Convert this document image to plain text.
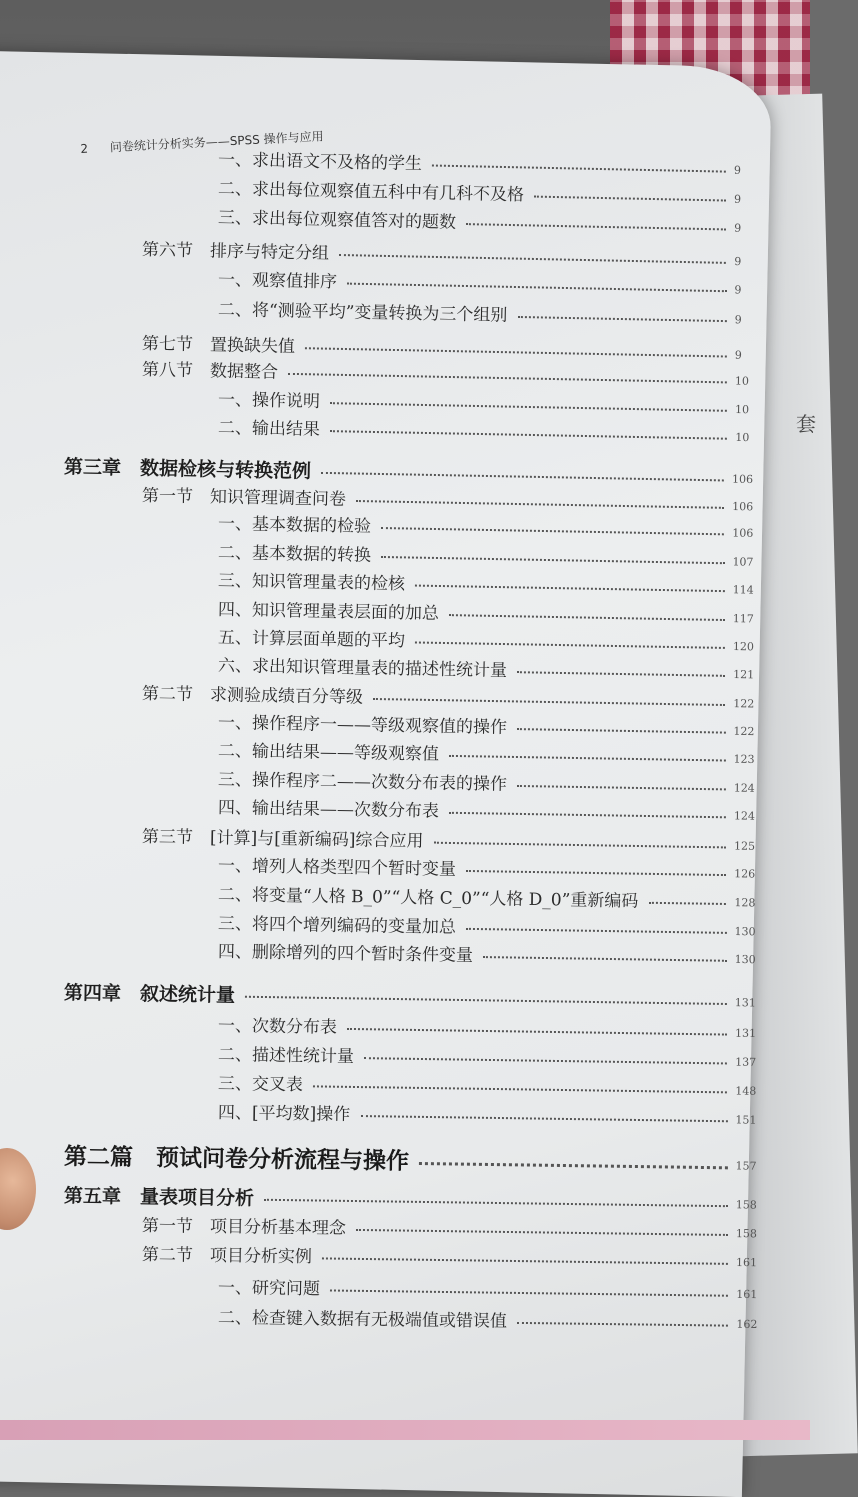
2 问卷统计分析实务——SPSS 操作与应用
套
一、求出语文不及格的学生	9
二、求出每位观察值五科中有几科不及格	9
三、求出每位观察值答对的题数	9
第六节　排序与特定分组	9
一、观察值排序	9
二、将“测验平均”变量转换为三个组别	9
第七节　置换缺失值	9
第八节　数据整合	10
一、操作说明	10
二、输出结果	10
第三章　数据检核与转换范例	106
第一节　知识管理调查问卷	106
一、基本数据的检验	106
二、基本数据的转换	107
三、知识管理量表的检核	114
四、知识管理量表层面的加总	117
五、计算层面单题的平均	120
六、求出知识管理量表的描述性统计量	121
第二节　求测验成绩百分等级	122
一、操作程序一——等级观察值的操作	122
二、输出结果——等级观察值	123
三、操作程序二——次数分布表的操作	124
四、输出结果——次数分布表	124
第三节　[计算]与[重新编码]综合应用	125
一、增列人格类型四个暂时变量	126
二、将变量“人格 B_0”“人格 C_0”“人格 D_0”重新编码	128
三、将四个增列编码的变量加总	130
四、删除增列的四个暂时条件变量	130
第四章　叙述统计量	131
一、次数分布表	131
二、描述性统计量	137
三、交叉表	148
四、[平均数]操作	151
第二篇　预试问卷分析流程与操作	157
第五章　量表项目分析	158
第一节　项目分析基本理念	158
第二节　项目分析实例	161
一、研究问题	161
二、检查键入数据有无极端值或错误值	162
